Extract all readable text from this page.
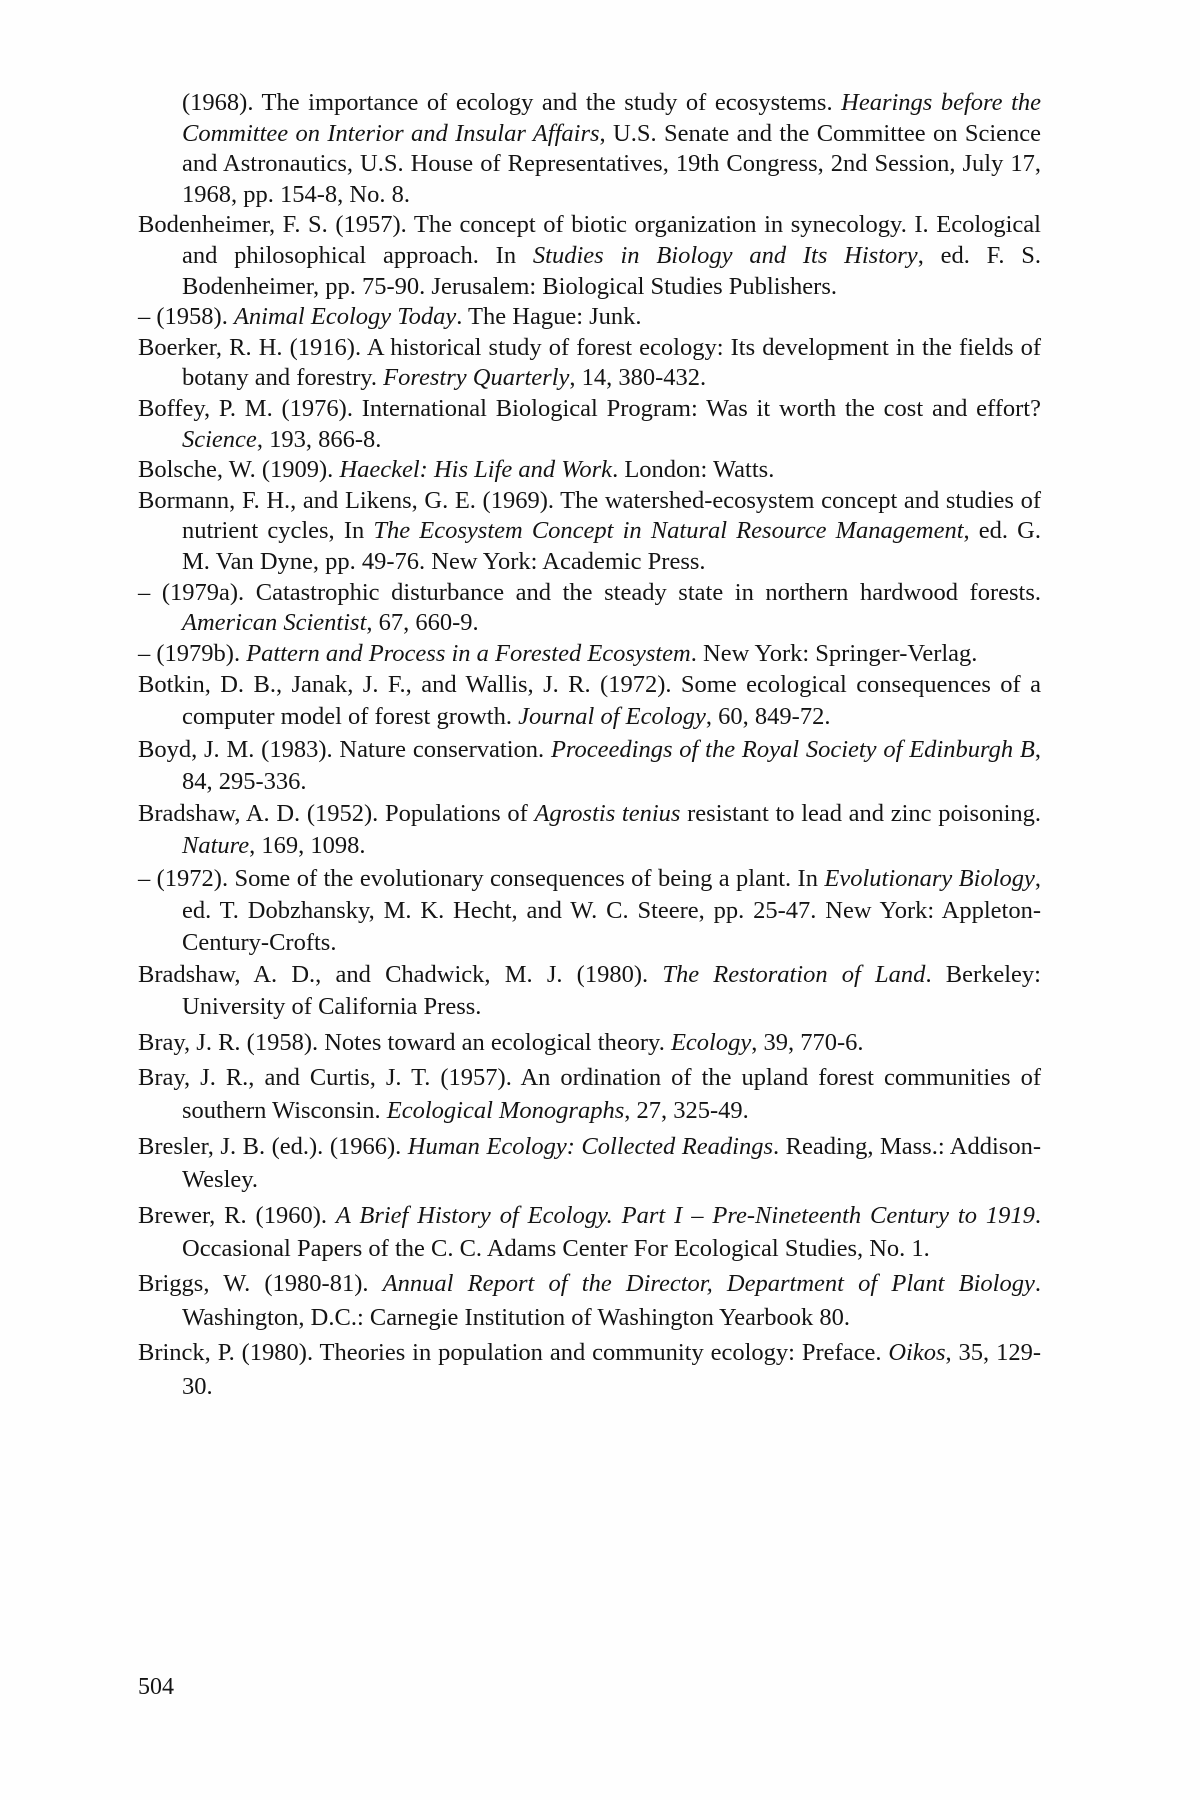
(1968). The importance of ecology and the study of ecosystems. Hearings before the Committee on Interior and Insular Affairs, U.S. Senate and the Committee on Science and Astronautics, U.S. House of Representatives, 19th Congress, 2nd Session, July 17, 1968, pp. 154-8, No. 8.

Bodenheimer, F. S. (1957). The concept of biotic organization in synecology. I. Ecological and philosophical approach. In Studies in Biology and Its History, ed. F. S. Bodenheimer, pp. 75-90. Jerusalem: Biological Studies Publishers.

– (1958). Animal Ecology Today. The Hague: Junk.

Boerker, R. H. (1916). A historical study of forest ecology: Its development in the fields of botany and forestry. Forestry Quarterly, 14, 380-432.

Boffey, P. M. (1976). International Biological Program: Was it worth the cost and effort? Science, 193, 866-8.

Bolsche, W. (1909). Haeckel: His Life and Work. London: Watts.

Bormann, F. H., and Likens, G. E. (1969). The watershed-ecosystem concept and studies of nutrient cycles, In The Ecosystem Concept in Natural Resource Management, ed. G. M. Van Dyne, pp. 49-76. New York: Academic Press.

– (1979a). Catastrophic disturbance and the steady state in northern hardwood forests. American Scientist, 67, 660-9.

– (1979b). Pattern and Process in a Forested Ecosystem. New York: Springer-Verlag.

Botkin, D. B., Janak, J. F., and Wallis, J. R. (1972). Some ecological consequences of a computer model of forest growth. Journal of Ecology, 60, 849-72.

Boyd, J. M. (1983). Nature conservation. Proceedings of the Royal Society of Edinburgh B, 84, 295-336.

Bradshaw, A. D. (1952). Populations of Agrostis tenius resistant to lead and zinc poisoning. Nature, 169, 1098.

– (1972). Some of the evolutionary consequences of being a plant. In Evolutionary Biology, ed. T. Dobzhansky, M. K. Hecht, and W. C. Steere, pp. 25-47. New York: Appleton-Century-Crofts.

Bradshaw, A. D., and Chadwick, M. J. (1980). The Restoration of Land. Berkeley: University of California Press.

Bray, J. R. (1958). Notes toward an ecological theory. Ecology, 39, 770-6.

Bray, J. R., and Curtis, J. T. (1957). An ordination of the upland forest communities of southern Wisconsin. Ecological Monographs, 27, 325-49.

Bresler, J. B. (ed.). (1966). Human Ecology: Collected Readings. Reading, Mass.: Addison-Wesley.

Brewer, R. (1960). A Brief History of Ecology. Part I – Pre-Nineteenth Century to 1919. Occasional Papers of the C. C. Adams Center For Ecological Studies, No. 1.

Briggs, W. (1980-81). Annual Report of the Director, Department of Plant Biology. Washington, D.C.: Carnegie Institution of Washington Yearbook 80.

Brinck, P. (1980). Theories in population and community ecology: Preface. Oikos, 35, 129-30.

504
